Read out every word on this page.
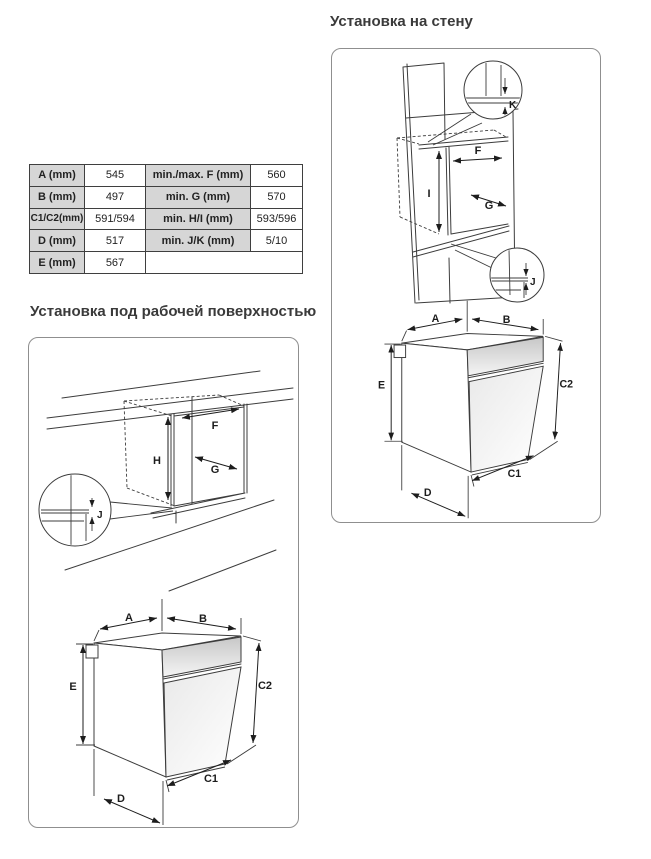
A (mm)	545	min./max. F (mm)	560
B (mm)	497	min. G (mm)	570
C1/C2(mm)	591/594	min. H/I (mm)	593/596
D (mm)	517	min. J/K (mm)	5/10
E (mm)	567
Установка на стену
Установка под рабочей поверхностью
I
F
G
K
J
A	B
E	C2
D
C1
H
F
G
J
A	B
E	C2
D
C1
